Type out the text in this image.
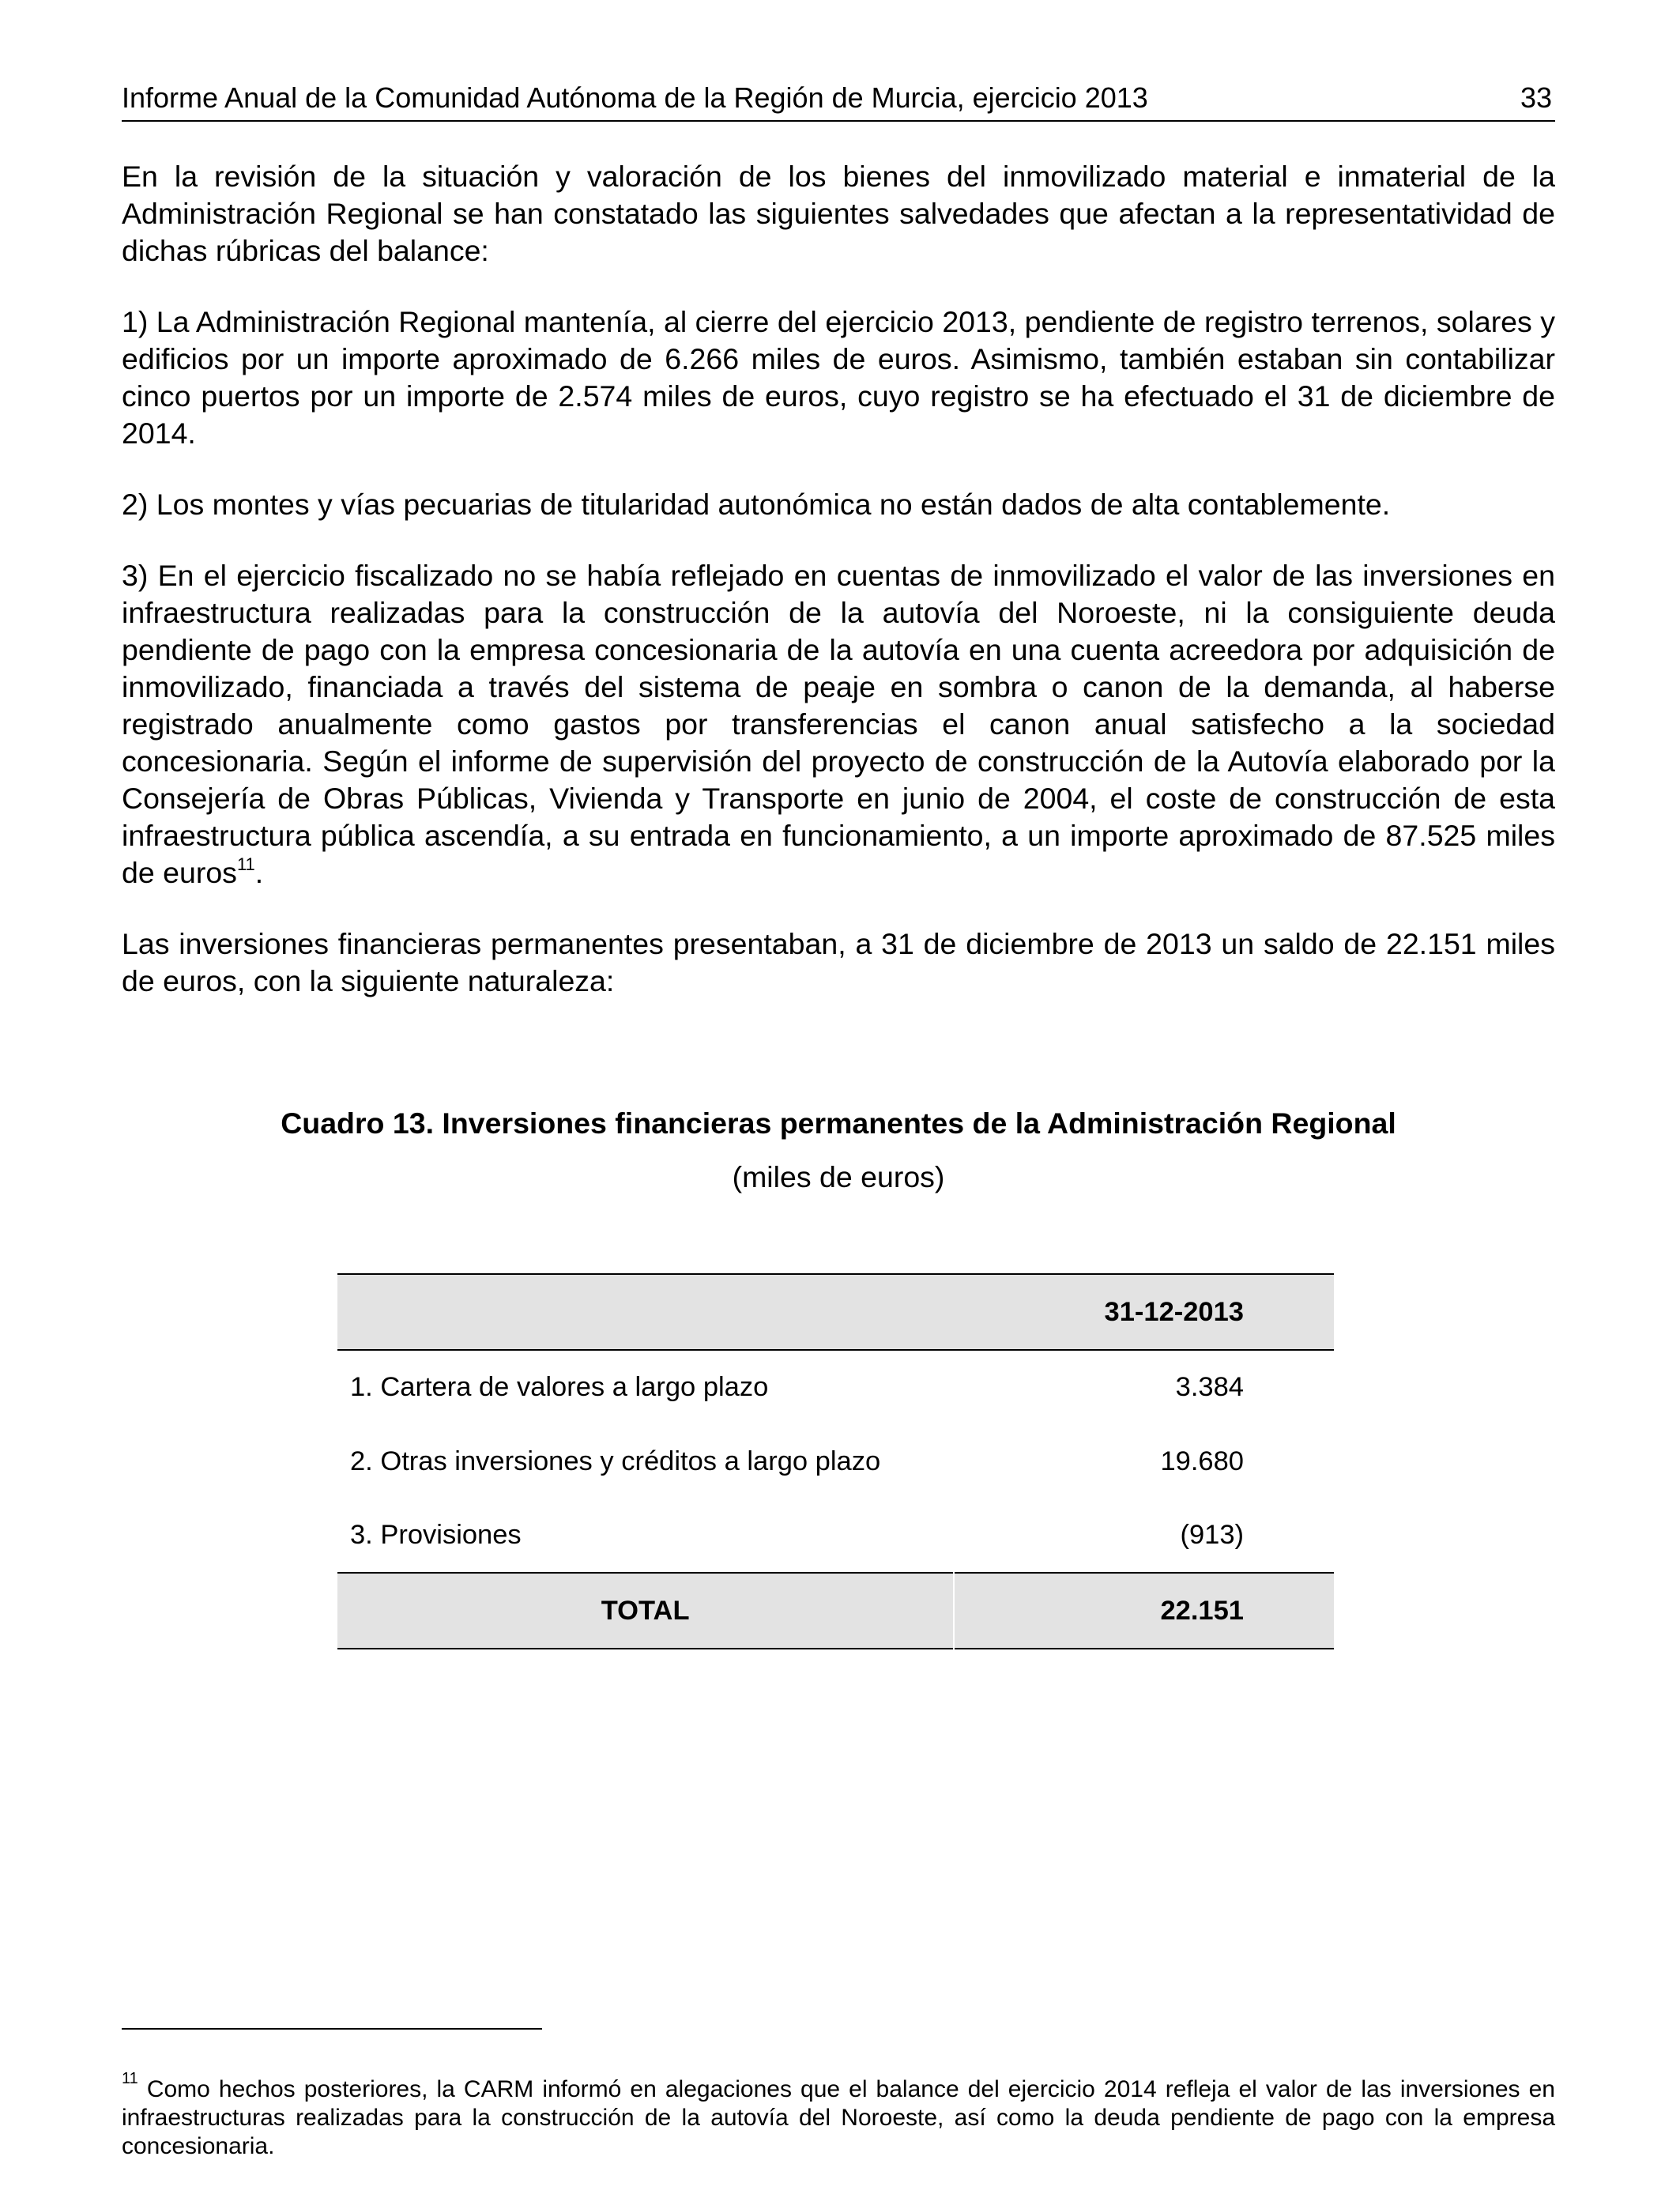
Informe Anual de la Comunidad Autónoma de la Región de Murcia, ejercicio 2013	33

En la revisión de la situación y valoración de los bienes del inmovilizado material e inmaterial de la Administración Regional se han constatado las siguientes salvedades que afectan a la representatividad de dichas rúbricas del balance:

1) La Administración Regional mantenía, al cierre del ejercicio 2013, pendiente de registro terrenos, solares y edificios por un importe aproximado de 6.266 miles de euros. Asimismo, también estaban sin contabilizar cinco puertos por un importe de 2.574 miles de euros, cuyo registro se ha efectuado el 31 de diciembre de 2014.

2) Los montes y vías pecuarias de titularidad autonómica no están dados de alta contablemente.

3) En el ejercicio fiscalizado no se había reflejado en cuentas de inmovilizado el valor de las inversiones en infraestructura realizadas para la construcción de la autovía del Noroeste, ni la consiguiente deuda pendiente de pago con la empresa concesionaria de la autovía en una cuenta acreedora por adquisición de inmovilizado, financiada a través del sistema de peaje en sombra o canon de la demanda, al haberse registrado anualmente como gastos por transferencias el canon anual satisfecho a la sociedad concesionaria. Según el informe de supervisión del proyecto de construcción de la Autovía elaborado por la Consejería de Obras Públicas, Vivienda y Transporte en junio de 2004, el coste de construcción de esta infraestructura pública ascendía, a su entrada en funcionamiento, a un importe aproximado de 87.525 miles de euros$^{11}$.

Las inversiones financieras permanentes presentaban, a 31 de diciembre de 2013 un saldo de 22.151 miles de euros, con la siguiente naturaleza:

Cuadro 13. Inversiones financieras permanentes de la Administración Regional
(miles de euros)
	31-12-2013
1. Cartera de valores a largo plazo	3.384
2. Otras inversiones y créditos a largo plazo	19.680
3. Provisiones	(913)
TOTAL	22.151
$^{11}$ Como hechos posteriores, la CARM informó en alegaciones que el balance del ejercicio 2014 refleja el valor de las inversiones en infraestructuras realizadas para la construcción de la autovía del Noroeste, así como la deuda pendiente de pago con la empresa concesionaria.
